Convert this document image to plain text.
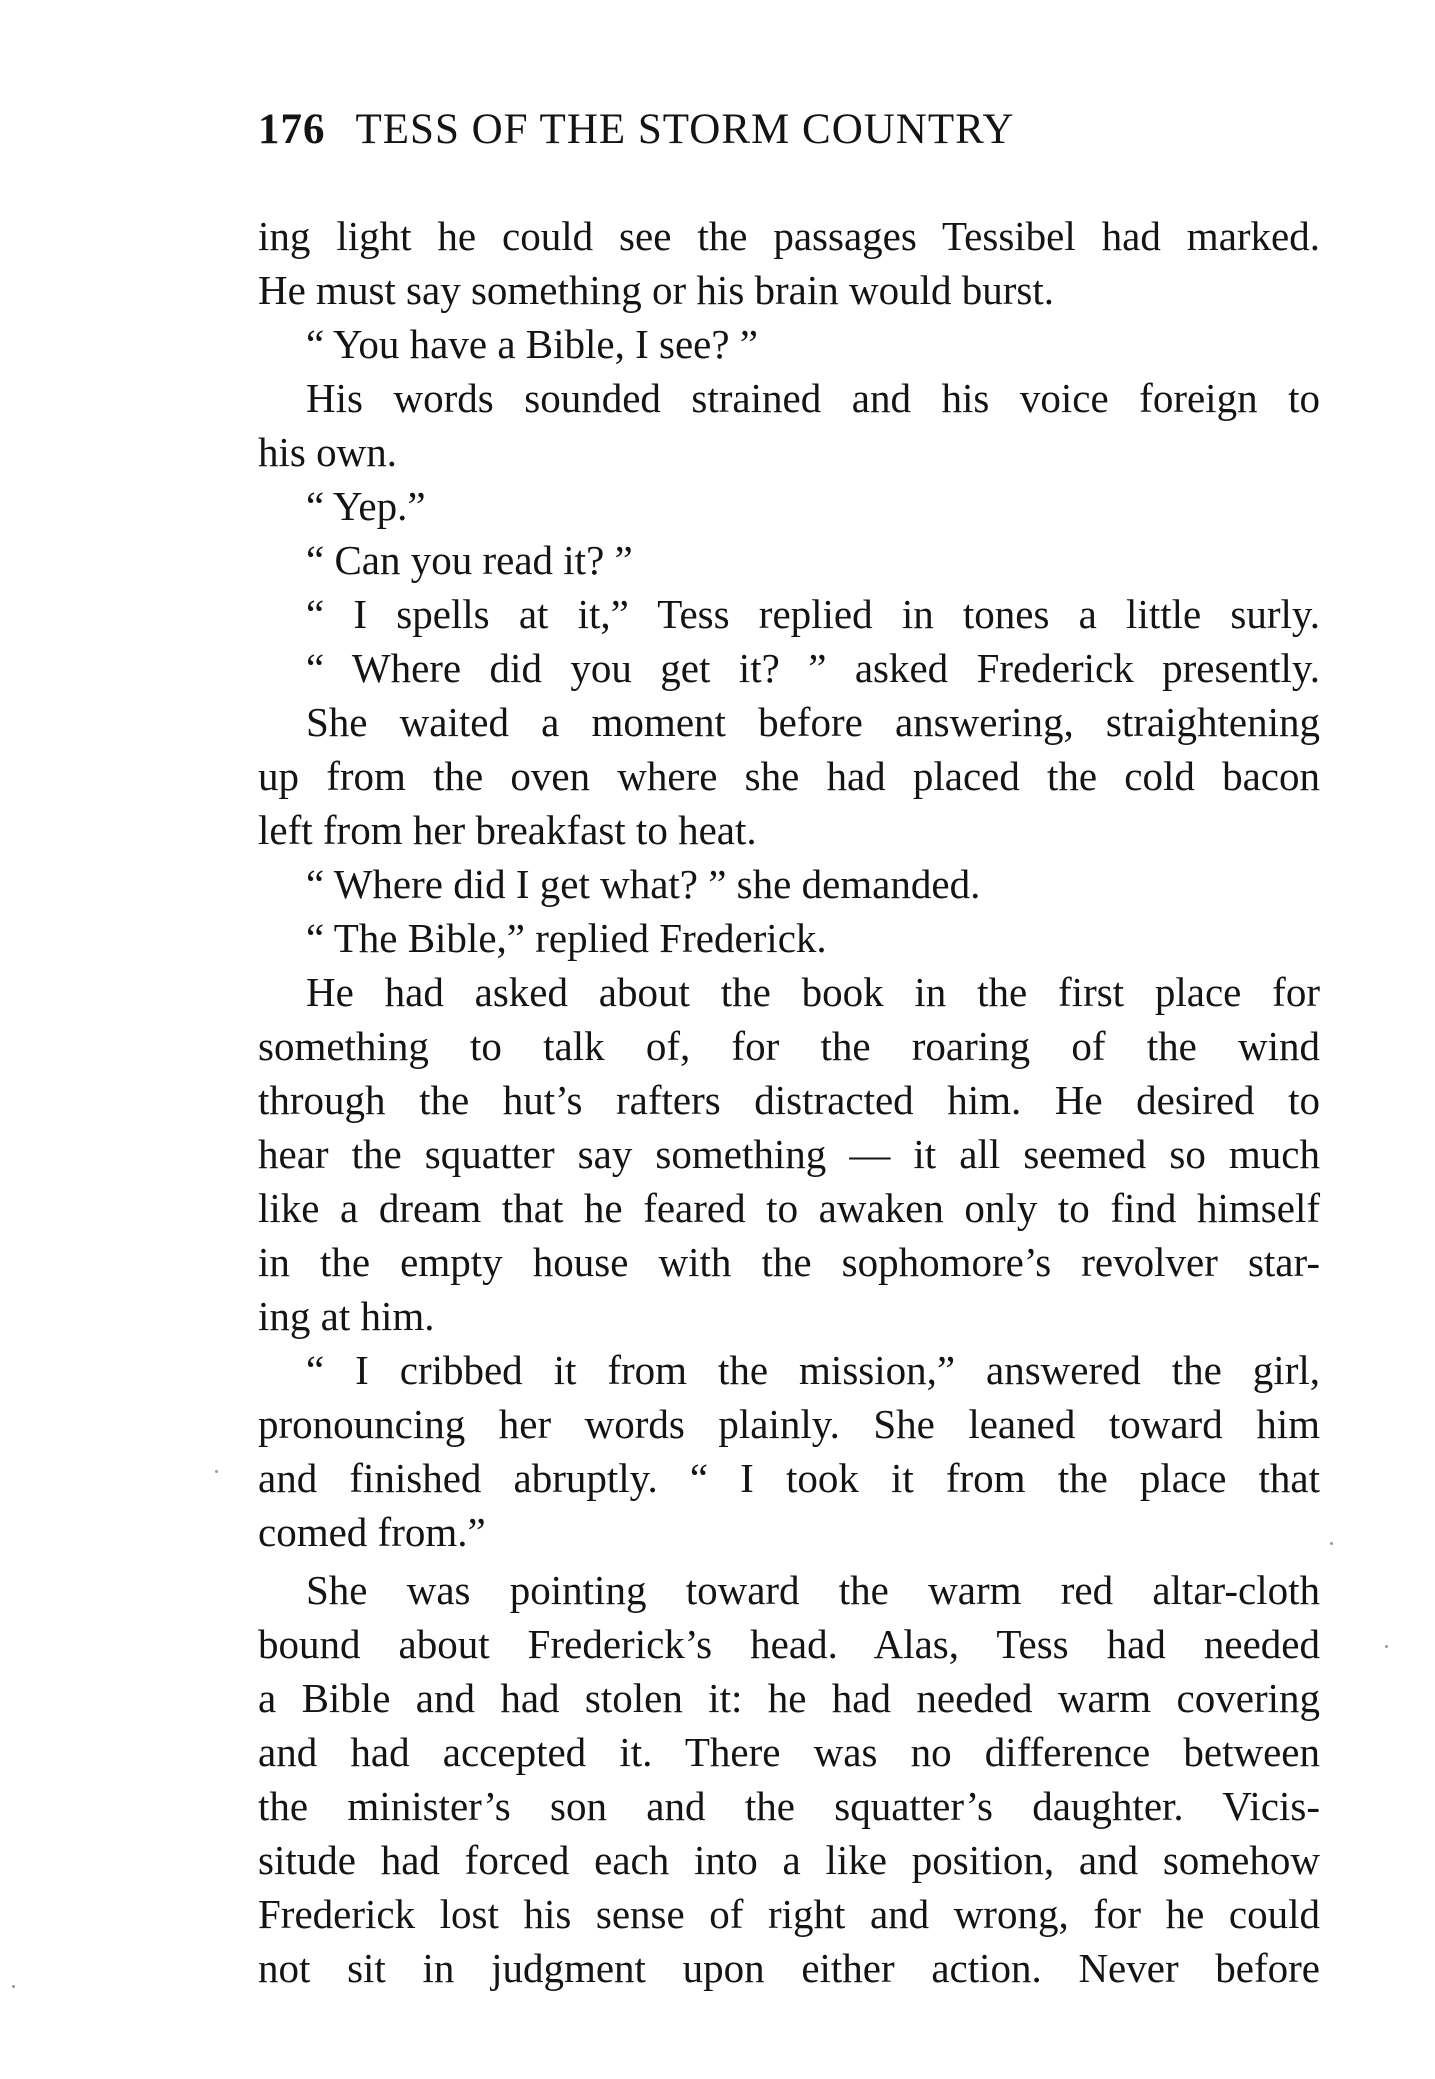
176 TESS OF THE STORM COUNTRY
ing light he could see the passages Tessibel had marked.
He must say something or his brain would burst.
“ You have a Bible, I see? ”
His words sounded strained and his voice foreign to
his own.
“ Yep.”
“ Can you read it? ”
“ I spells at it,” Tess replied in tones a little surly.
“ Where did you get it? ” asked Frederick presently.
She waited a moment before answering, straightening
up from the oven where she had placed the cold bacon
left from her breakfast to heat.
“ Where did I get what? ” she demanded.
“ The Bible,” replied Frederick.
He had asked about the book in the first place for
something to talk of, for the roaring of the wind
through the hut’s rafters distracted him. He desired to
hear the squatter say something — it all seemed so much
like a dream that he feared to awaken only to find himself
in the empty house with the sophomore’s revolver star-
ing at him.
“ I cribbed it from the mission,” answered the girl,
pronouncing her words plainly. She leaned toward him
and finished abruptly. “ I took it from the place that
comed from.”
She was pointing toward the warm red altar-cloth
bound about Frederick’s head. Alas, Tess had needed
a Bible and had stolen it: he had needed warm covering
and had accepted it. There was no difference between
the minister’s son and the squatter’s daughter. Vicis-
situde had forced each into a like position, and somehow
Frederick lost his sense of right and wrong, for he could
not sit in judgment upon either action. Never before
